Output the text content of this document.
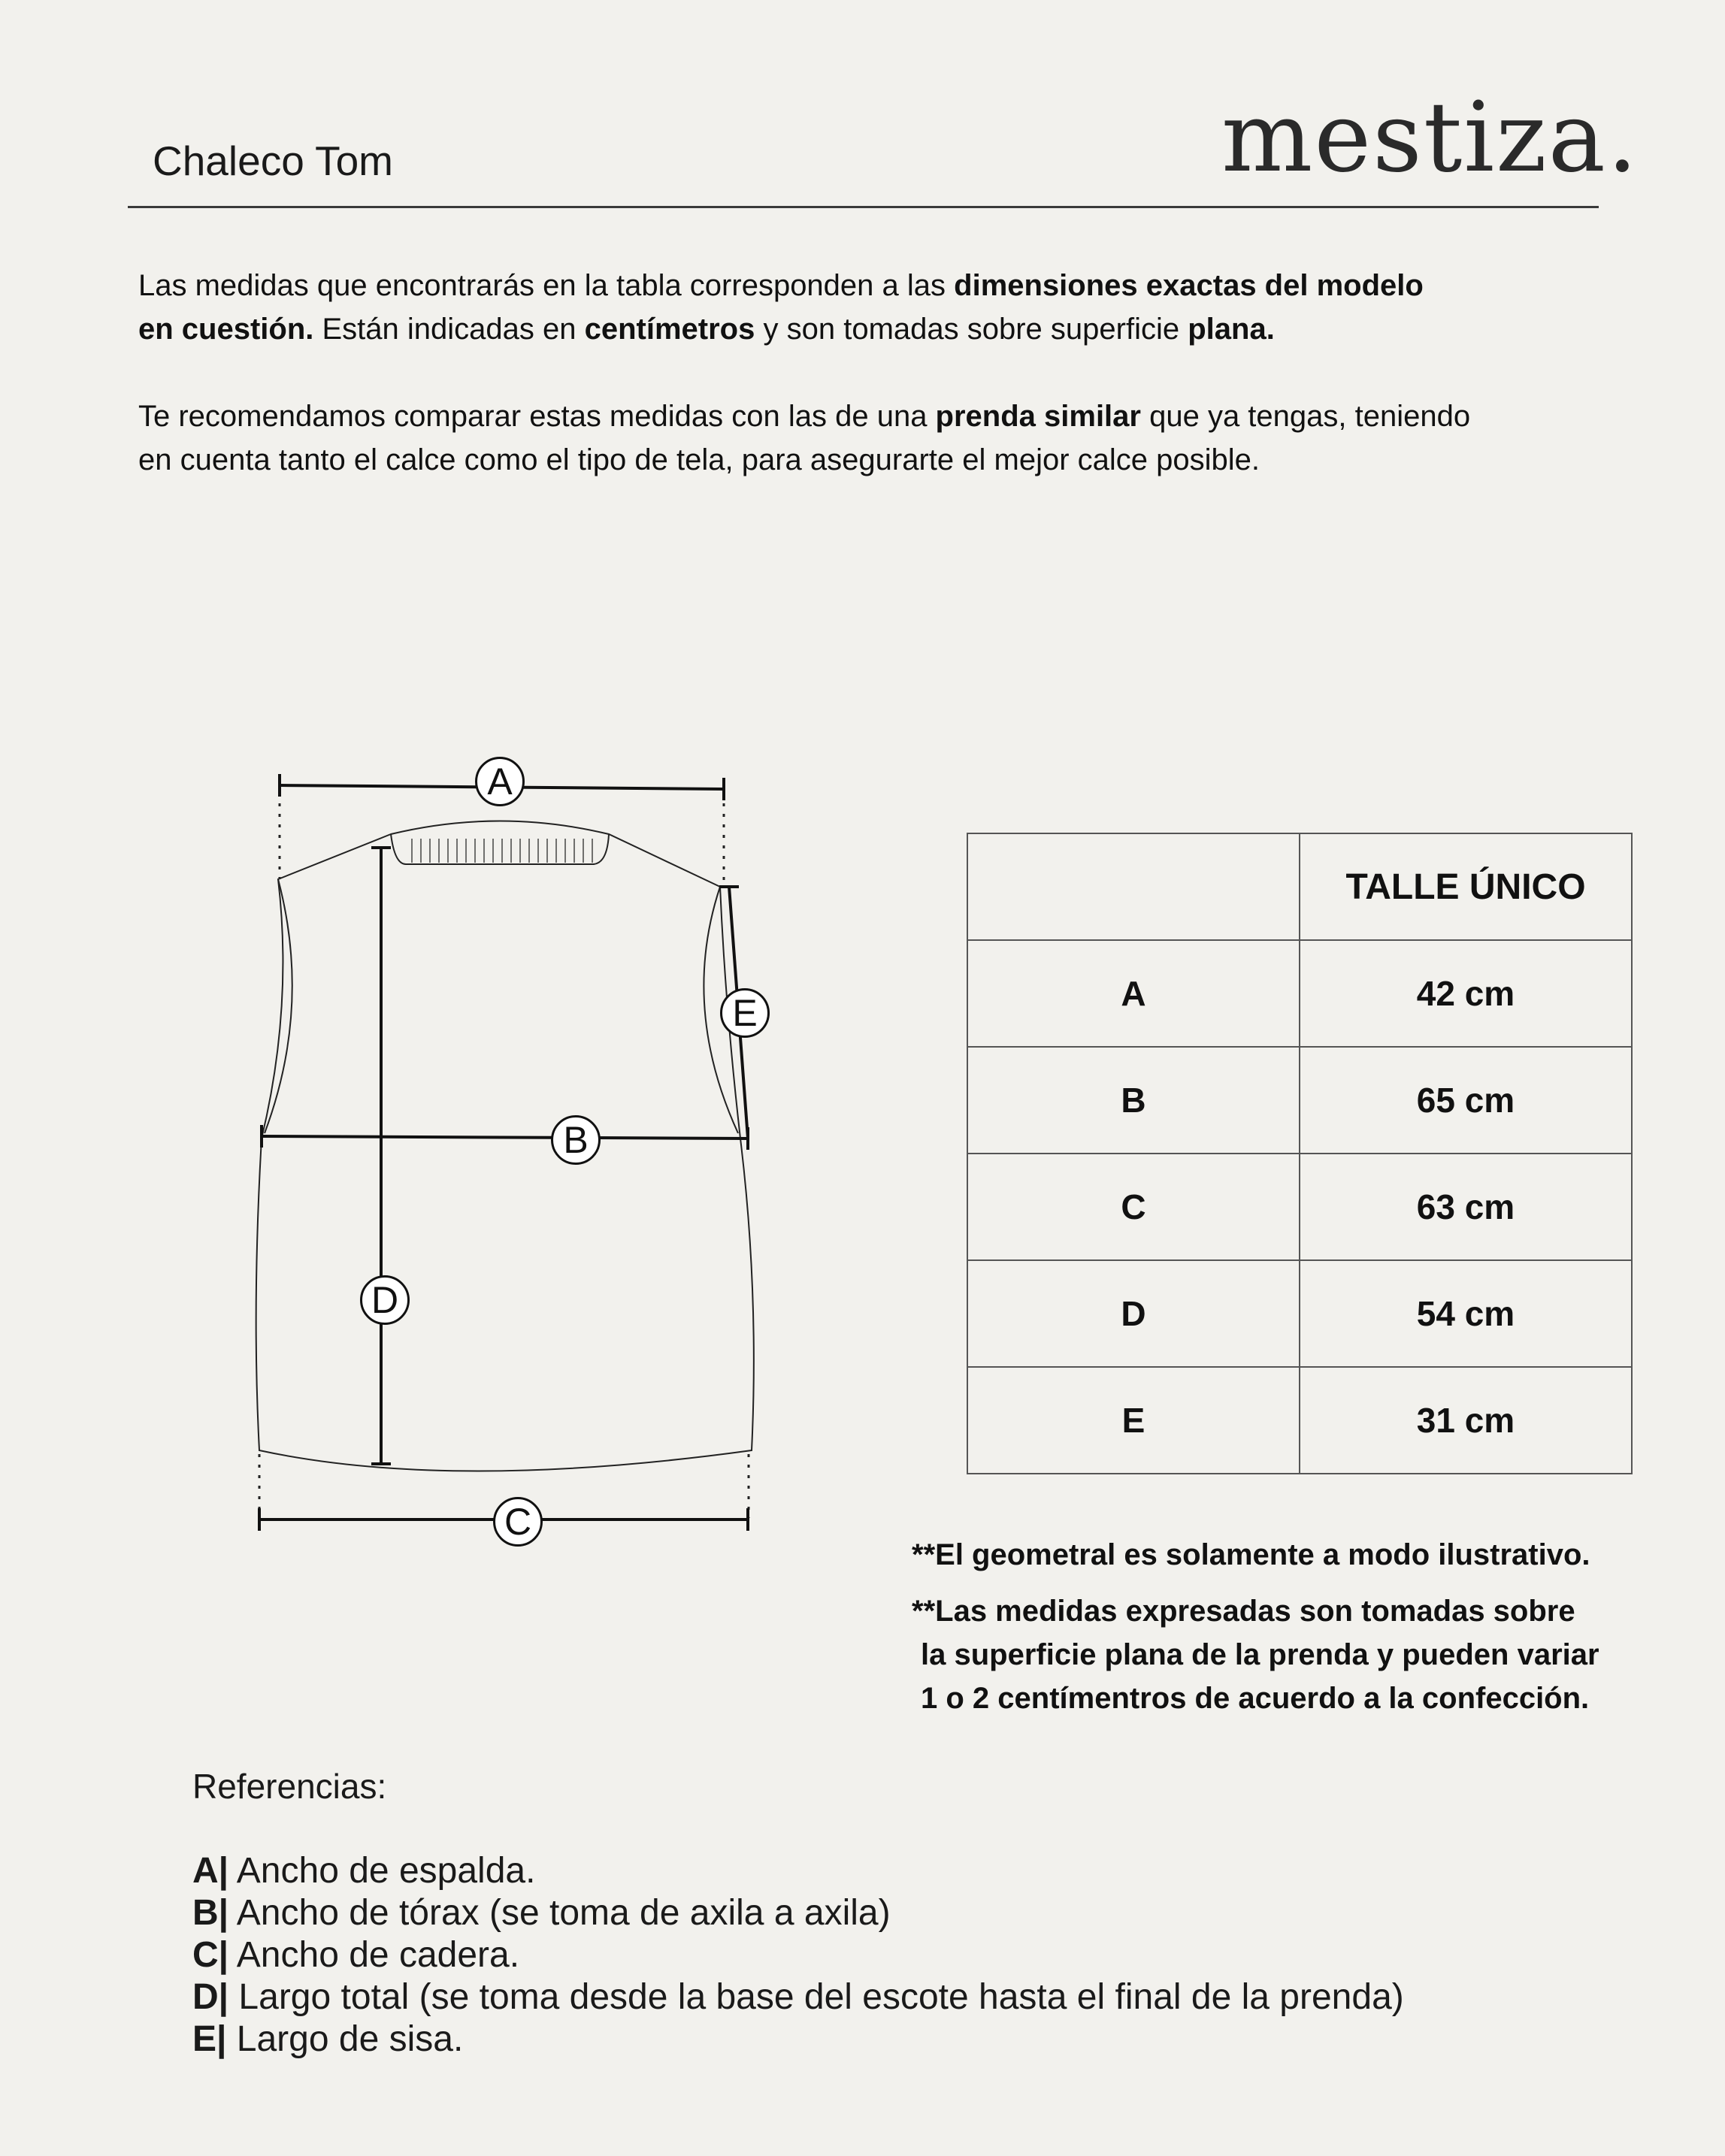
Chaleco Tom	mestiza.
Las medidas que encontrarás en la tabla corresponden a las dimensiones exactas del modelo
en cuestión. Están indicadas en centímetros y son tomadas sobre superficie plana.
Te recomendamos comparar estas medidas con las de una prenda similar que ya tengas, teniendo
en cuenta tanto el calce como el tipo de tela, para asegurarte el mejor calce posible.
A
B
C
D
E
	TALLE ÚNICO
A	42 cm
B	65 cm
C	63 cm
D	54 cm
E	31 cm
**El geometral es solamente a modo ilustrativo.
**Las medidas expresadas son tomadas sobre
la superficie plana de la prenda y pueden variar
1 o 2 centímentros de acuerdo a la confección.
Referencias:
A| Ancho de espalda.
B| Ancho de tórax (se toma de axila a axila)
C| Ancho de cadera.
D| Largo total (se toma desde la base del escote hasta el final de la prenda)
E| Largo de sisa.
